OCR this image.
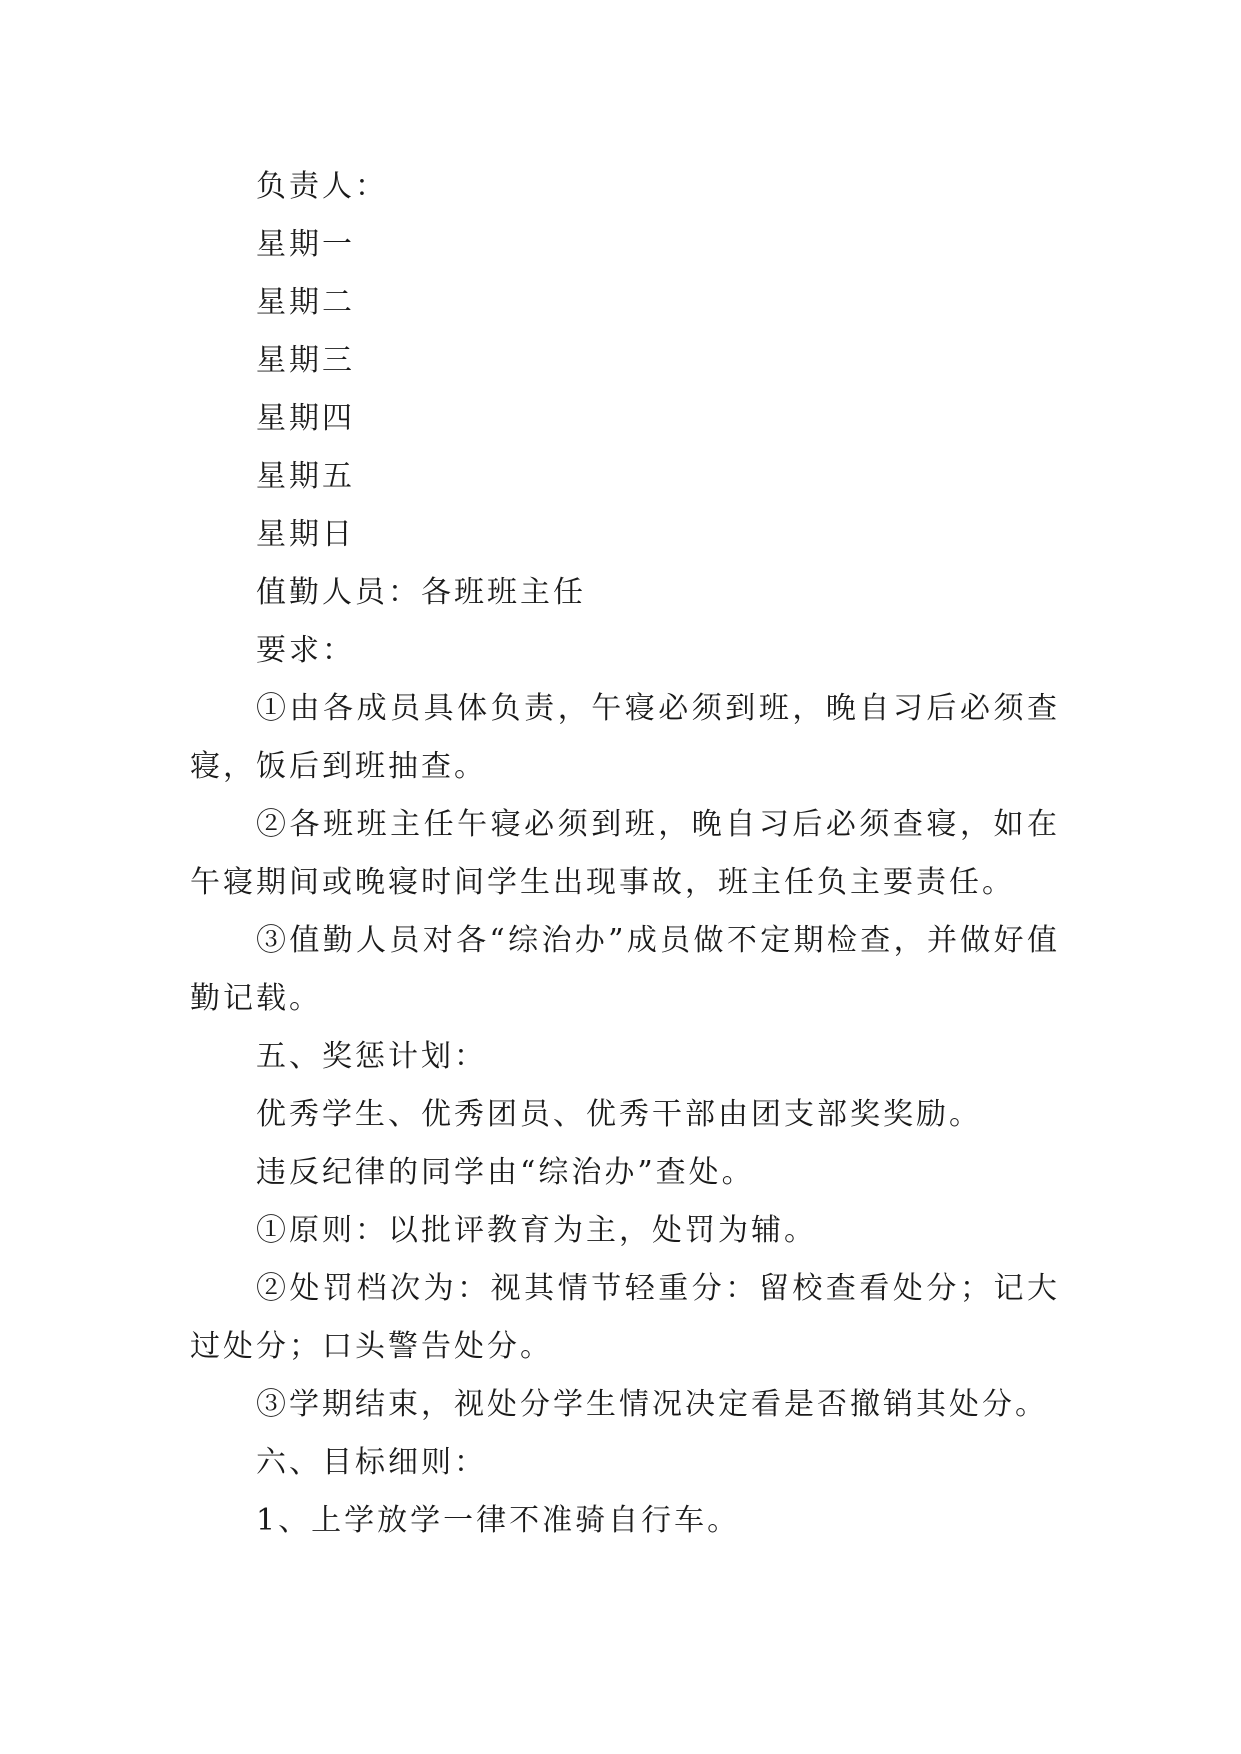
负责人：

星期一

星期二

星期三

星期四

星期五

星期日

值勤人员：各班班主任

要求：

①由各成员具体负责，午寝必须到班，晚自习后必须查寝，饭后到班抽查。

②各班班主任午寝必须到班，晚自习后必须查寝，如在午寝期间或晚寝时间学生出现事故，班主任负主要责任。

③值勤人员对各“综治办”成员做不定期检查，并做好值勤记载。

五、奖惩计划：

优秀学生、优秀团员、优秀干部由团支部奖奖励。

违反纪律的同学由“综治办”查处。

①原则：以批评教育为主，处罚为辅。

②处罚档次为：视其情节轻重分：留校查看处分；记大过处分；口头警告处分。

③学期结束，视处分学生情况决定看是否撤销其处分。

六、目标细则：

1、上学放学一律不准骑自行车。
